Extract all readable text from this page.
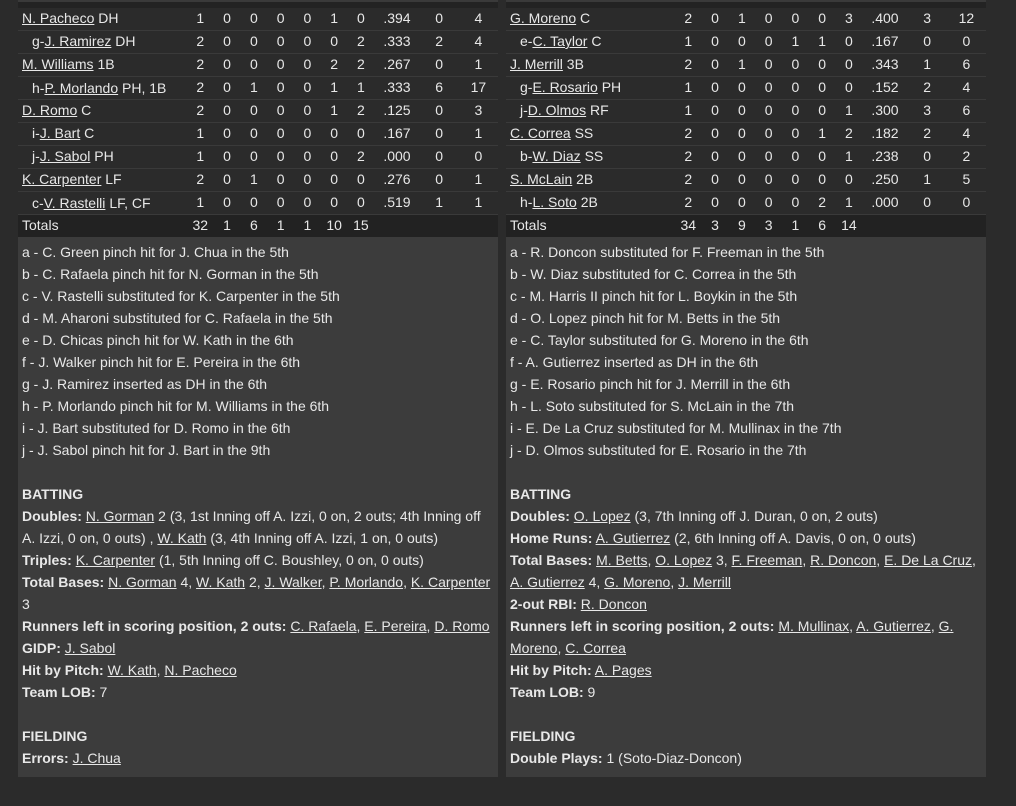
N. Pacheco DH	1	0	0	0	0	1	0	.394	0	4
g-J. Ramirez DH	2	0	0	0	0	0	2	.333	2	4
M. Williams 1B	2	0	0	0	0	2	2	.267	0	1
h-P. Morlando PH, 1B	2	0	1	0	0	1	1	.333	6	17
D. Romo C	2	0	0	0	0	1	2	.125	0	3
i-J. Bart C	1	0	0	0	0	0	0	.167	0	1
j-J. Sabol PH	1	0	0	0	0	0	2	.000	0	0
K. Carpenter LF	2	0	1	0	0	0	0	.276	0	1
c-V. Rastelli LF, CF	1	0	0	0	0	0	0	.519	1	1
Totals	32	1	6	1	1	10	15			
a - C. Green pinch hit for J. Chua in the 5th
b - C. Rafaela pinch hit for N. Gorman in the 5th
c - V. Rastelli substituted for K. Carpenter in the 5th
d - M. Aharoni substituted for C. Rafaela in the 5th
e - D. Chicas pinch hit for W. Kath in the 6th
f - J. Walker pinch hit for E. Pereira in the 6th
g - J. Ramirez inserted as DH in the 6th
h - P. Morlando pinch hit for M. Williams in the 6th
i - J. Bart substituted for D. Romo in the 6th
j - J. Sabol pinch hit for J. Bart in the 9th
BATTING
Doubles: N. Gorman 2 (3, 1st Inning off A. Izzi, 0 on, 2 outs; 4th Inning off A. Izzi, 0 on, 0 outs) , W. Kath (3, 4th Inning off A. Izzi, 1 on, 0 outs)
Triples: K. Carpenter (1, 5th Inning off C. Boushley, 0 on, 0 outs)
Total Bases: N. Gorman 4, W. Kath 2, J. Walker, P. Morlando, K. Carpenter 3
Runners left in scoring position, 2 outs: C. Rafaela, E. Pereira, D. Romo
GIDP: J. Sabol
Hit by Pitch: W. Kath, N. Pacheco
Team LOB: 7
FIELDING
Errors: J. Chua
G. Moreno C	2	0	1	0	0	0	3	.400	3	12
e-C. Taylor C	1	0	0	0	1	1	0	.167	0	0
J. Merrill 3B	2	0	1	0	0	0	0	.343	1	6
g-E. Rosario PH	1	0	0	0	0	0	0	.152	2	4
j-D. Olmos RF	1	0	0	0	0	0	1	.300	3	6
C. Correa SS	2	0	0	0	0	1	2	.182	2	4
b-W. Diaz SS	2	0	0	0	0	0	1	.238	0	2
S. McLain 2B	2	0	0	0	0	0	0	.250	1	5
h-L. Soto 2B	2	0	0	0	0	2	1	.000	0	0
Totals	34	3	9	3	1	6	14			
a - R. Doncon substituted for F. Freeman in the 5th
b - W. Diaz substituted for C. Correa in the 5th
c - M. Harris II pinch hit for L. Boykin in the 5th
d - O. Lopez pinch hit for M. Betts in the 5th
e - C. Taylor substituted for G. Moreno in the 6th
f - A. Gutierrez inserted as DH in the 6th
g - E. Rosario pinch hit for J. Merrill in the 6th
h - L. Soto substituted for S. McLain in the 7th
i - E. De La Cruz substituted for M. Mullinax in the 7th
j - D. Olmos substituted for E. Rosario in the 7th
BATTING
Doubles: O. Lopez (3, 7th Inning off J. Duran, 0 on, 2 outs)
Home Runs: A. Gutierrez (2, 6th Inning off A. Davis, 0 on, 0 outs)
Total Bases: M. Betts, O. Lopez 3, F. Freeman, R. Doncon, E. De La Cruz, A. Gutierrez 4, G. Moreno, J. Merrill
2-out RBI: R. Doncon
Runners left in scoring position, 2 outs: M. Mullinax, A. Gutierrez, G. Moreno, C. Correa
Hit by Pitch: A. Pages
Team LOB: 9
FIELDING
Double Plays: 1 (Soto-Diaz-Doncon)
